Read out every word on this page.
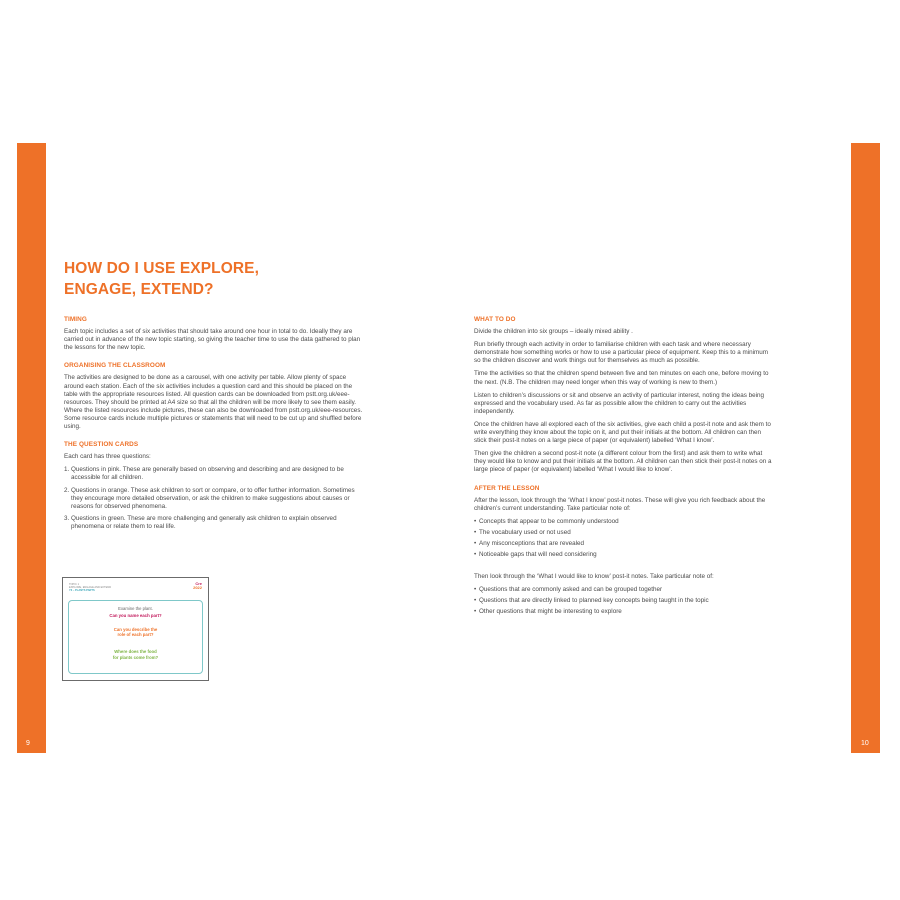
9	10
HOW DO I USE EXPLORE,
ENGAGE, EXTEND?
TIMING
Each topic includes a set of six activities that should take around one hour in total to do. Ideally they are carried out in advance of the new topic starting, so giving the teacher time to use the data gathered to plan the lessons for the new topic.
ORGANISING THE CLASSROOM
The activities are designed to be done as a carousel, with one activity per table. Allow plenty of space around each station. Each of the six activities includes a question card and this should be placed on the table with the appropriate resources listed. All question cards can be downloaded from pstt.org.uk/eee-resources. They should be printed at A4 size so that all the children will be more likely to see them easily. Where the listed resources include pictures, these can also be downloaded from pstt.org.uk/eee-resources. Some resource cards include multiple pictures or statements that will need to be cut up and shuffled before using.
THE QUESTION CARDS
Each card has three questions:
1. Questions in pink. These are generally based on observing and describing and are designed to be accessible for all children.
2. Questions in orange. These ask children to sort or compare, or to offer further information. Sometimes they encourage more detailed observation, or ask the children to make suggestions about causes or reasons for observed phenomena.
3. Questions in green. These are more challenging and generally ask children to explain observed phenomena or relate them to real life.
TOPIC 1
EXPLORE, ENGAGE AND EXTEND
Y3 – PLANTS PARTS
Cre
2022
Examine the plant.
Can you name each part?
Can you describe the
role of each part?
Where does the food
for plants come from?
WHAT TO DO
Divide the children into six groups – ideally mixed ability .
Run briefly through each activity in order to familiarise children with each task and where necessary demonstrate how something works or how to use a particular piece of equipment. Keep this to a minimum so the children discover and work things out for themselves as much as possible.
Time the activities so that the children spend between five and ten minutes on each one, before moving to the next. (N.B. The children may need longer when this way of working is new to them.)
Listen to children’s discussions or sit and observe an activity of particular interest, noting the ideas being expressed and the vocabulary used. As far as possible allow the children to carry out the activities independently.
Once the children have all explored each of the six activities, give each child a post-it note and ask them to write everything they know about the topic on it, and put their initials at the bottom. All children can then stick their post-it notes on a large piece of paper (or equivalent) labelled ‘What I know’.
Then give the children a second post-it note (a different colour from the first) and ask them to write what they would like to know and put their initials at the bottom. All children can then stick their post-it notes on a large piece of paper (or equivalent) labelled ‘What I would like to know’.
AFTER THE LESSON
After the lesson, look through the ‘What I know’ post-it notes. These will give you rich feedback about the children’s current understanding. Take particular note of:
• Concepts that appear to be commonly understood
• The vocabulary used or not used
• Any misconceptions that are revealed
• Noticeable gaps that will need considering
Then look through the ‘What I would like to know’ post-it notes. Take particular note of:
• Questions that are commonly asked and can be grouped together
• Questions that are directly linked to planned key concepts being taught in the topic
• Other questions that might be interesting to explore
